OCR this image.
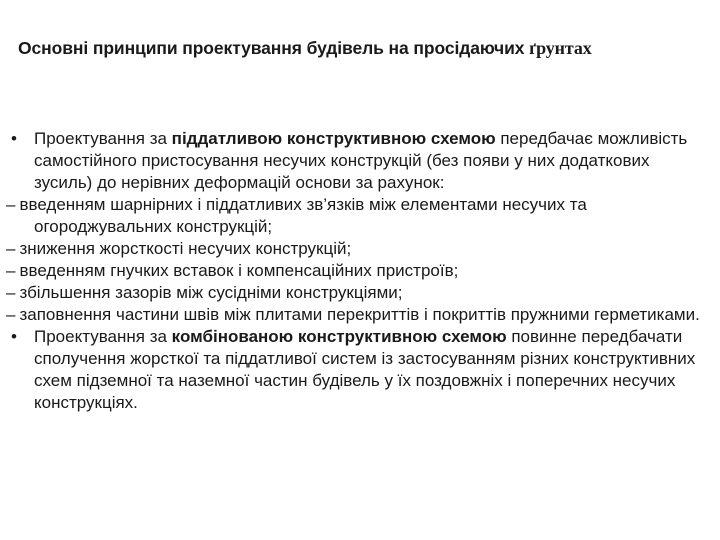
Основні принципи проектування будівель на просідаючих ґрунтах
•	Проектування за піддатливою конструктивною схемою передбачає можливість самостійного пристосування несучих конструкцій (без появи у них додаткових зусиль) до нерівних деформацій основи за рахунок:
– введенням шарнірних і піддатливих зв’язків між елементами несучих та огороджувальних конструкцій;
– зниження жорсткості несучих конструкцій;
– введенням гнучких вставок і компенсаційних пристроїв;
– збільшення зазорів між сусідніми конструкціями;
– заповнення частини швів між плитами перекриттів і покриттів пружними герметиками.
•	Проектування за комбінованою конструктивною схемою повинне передбачати сполучення жорсткої та піддатливої систем із застосуванням різних конструктивних схем підземної та наземної частин будівель у їх поздовжніх і поперечних несучих конструкціях.
